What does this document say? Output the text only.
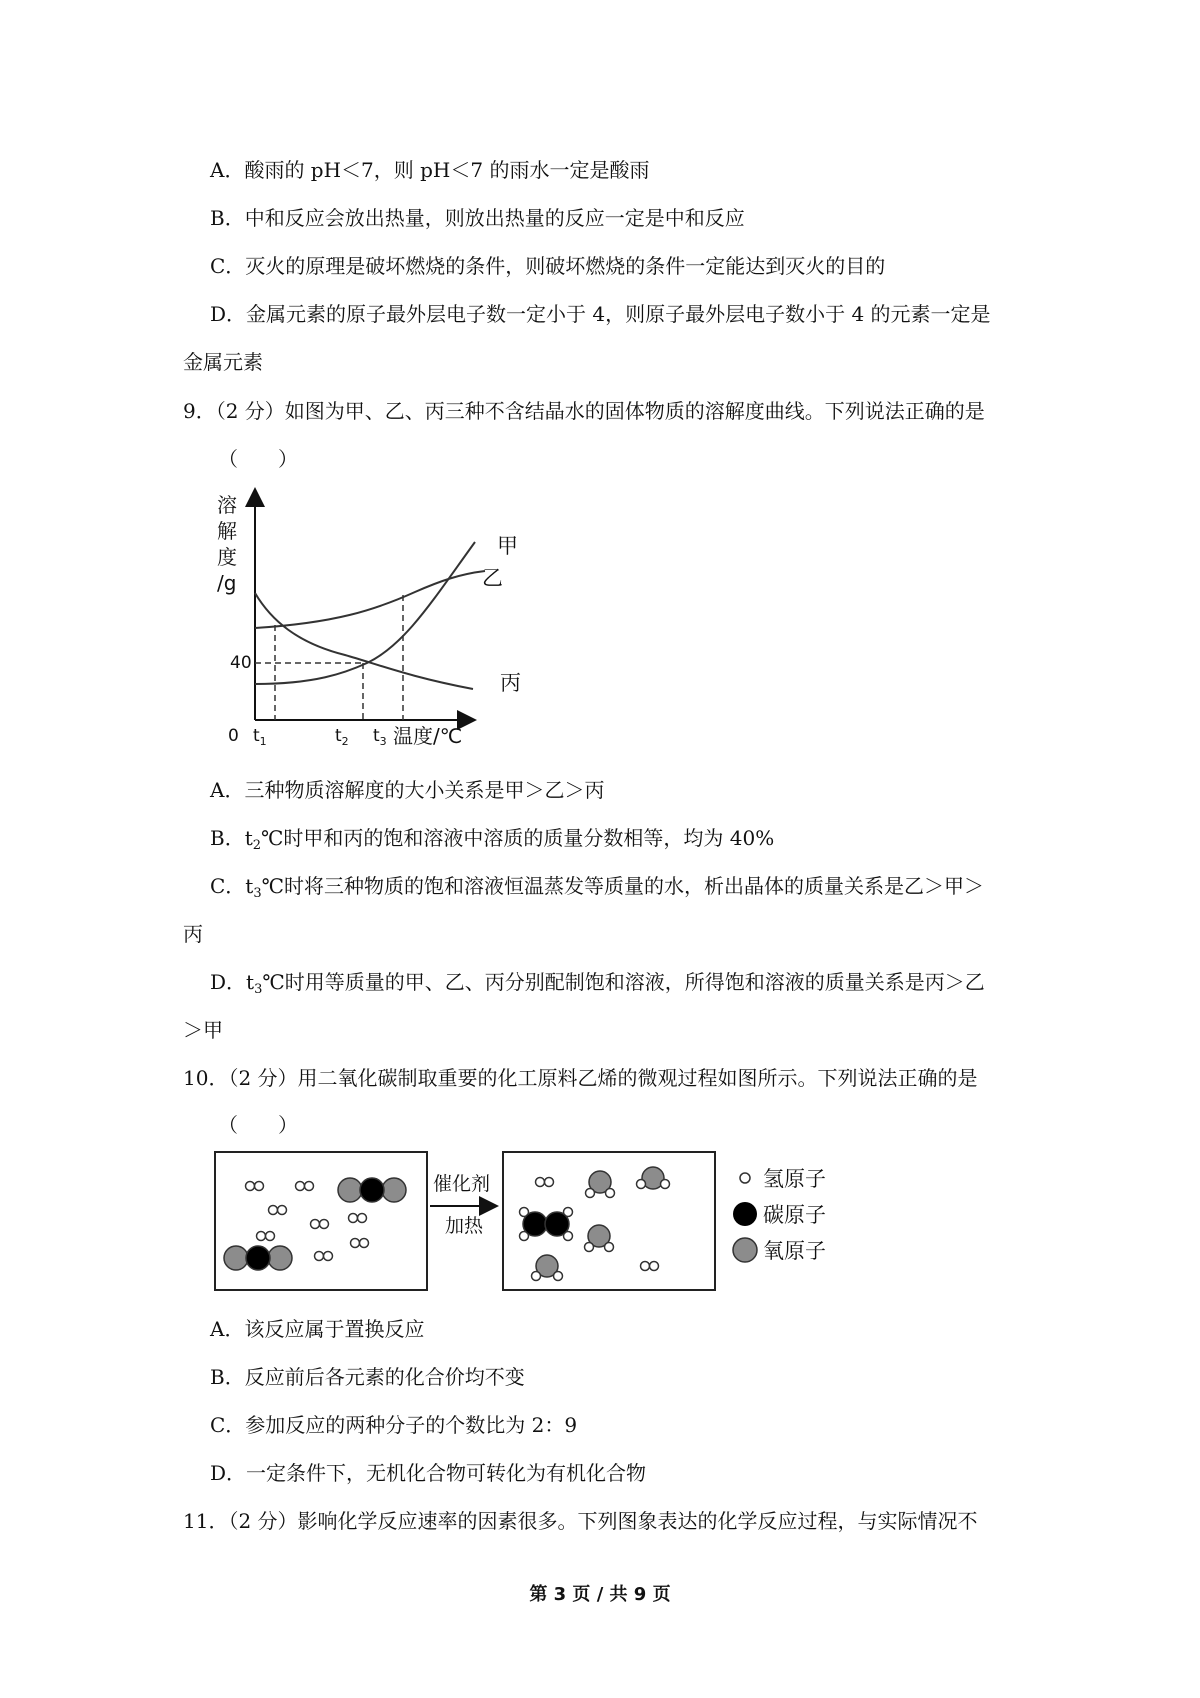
A．酸雨的 pH＜7，则 pH＜7 的雨水一定是酸雨
B．中和反应会放出热量，则放出热量的反应一定是中和反应
C．灭火的原理是破坏燃烧的条件，则破坏燃烧的条件一定能达到灭火的目的
D．金属元素的原子最外层电子数一定小于 4，则原子最外层电子数小于 4 的元素一定是
金属元素
9．（2 分）如图为甲、乙、丙三种不含结晶水的固体物质的溶解度曲线。下列说法正确的是
（　　）
溶
解
度
/g
40
0 $t_1$	$t_2$ $t_3$ 温度/℃
甲
乙
丙
A．三种物质溶解度的大小关系是甲＞乙＞丙
B．$t_2℃$时甲和丙的饱和溶液中溶质的质量分数相等，均为 40%
C．$t_3℃$时将三种物质的饱和溶液恒温蒸发等质量的水，析出晶体的质量关系是乙＞甲＞
丙
D．$t_3℃$时用等质量的甲、乙、丙分别配制饱和溶液，所得饱和溶液的质量关系是丙＞乙
＞甲
10．（2 分）用二氧化碳制取重要的化工原料乙烯的微观过程如图所示。下列说法正确的是
（　　）
催化剂
加热
氢原子
碳原子
氧原子
A．该反应属于置换反应
B．反应前后各元素的化合价均不变
C．参加反应的两种分子的个数比为 2：9
D．一定条件下，无机化合物可转化为有机化合物
11．（2 分）影响化学反应速率的因素很多。下列图象表达的化学反应过程，与实际情况不
第 3 页 / 共 9 页
